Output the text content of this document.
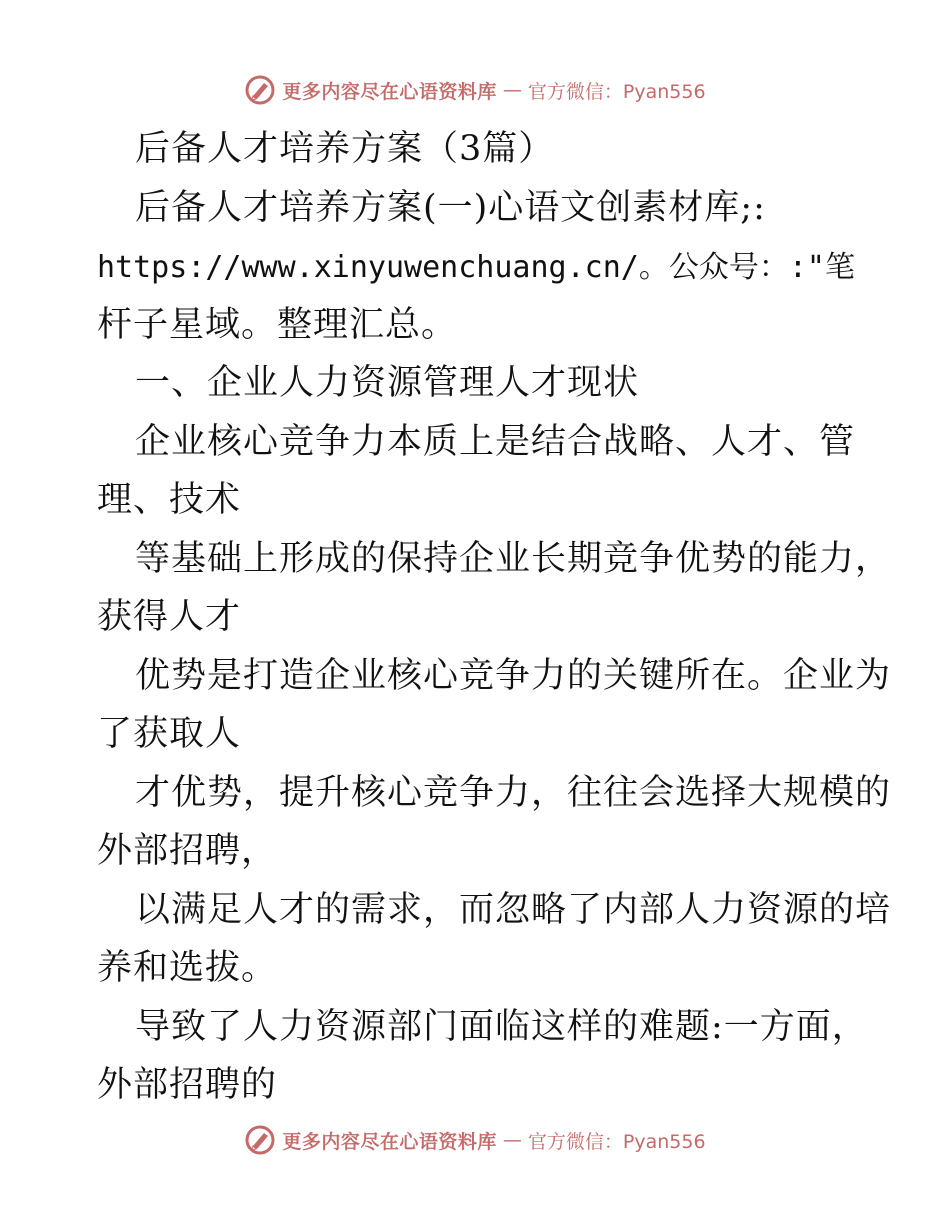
更多内容尽在心语资料库 — 官方微信：Pyan556
后备人才培养方案（3篇）
后备人才培养方案(一)心语文创素材库;:
https://www.xinyuwenchuang.cn/。公众号：:"笔
杆子星域。整理汇总。
一、企业人力资源管理人才现状
企业核心竞争力本质上是结合战略、人才、管
理、技术
等基础上形成的保持企业长期竞争优势的能力，
获得人才
优势是打造企业核心竞争力的关键所在。企业为
了获取人
才优势，提升核心竞争力，往往会选择大规模的
外部招聘，
以满足人才的需求，而忽略了内部人力资源的培
养和选拔。
导致了人力资源部门面临这样的难题:一方面，
外部招聘的
更多内容尽在心语资料库 — 官方微信：Pyan556
